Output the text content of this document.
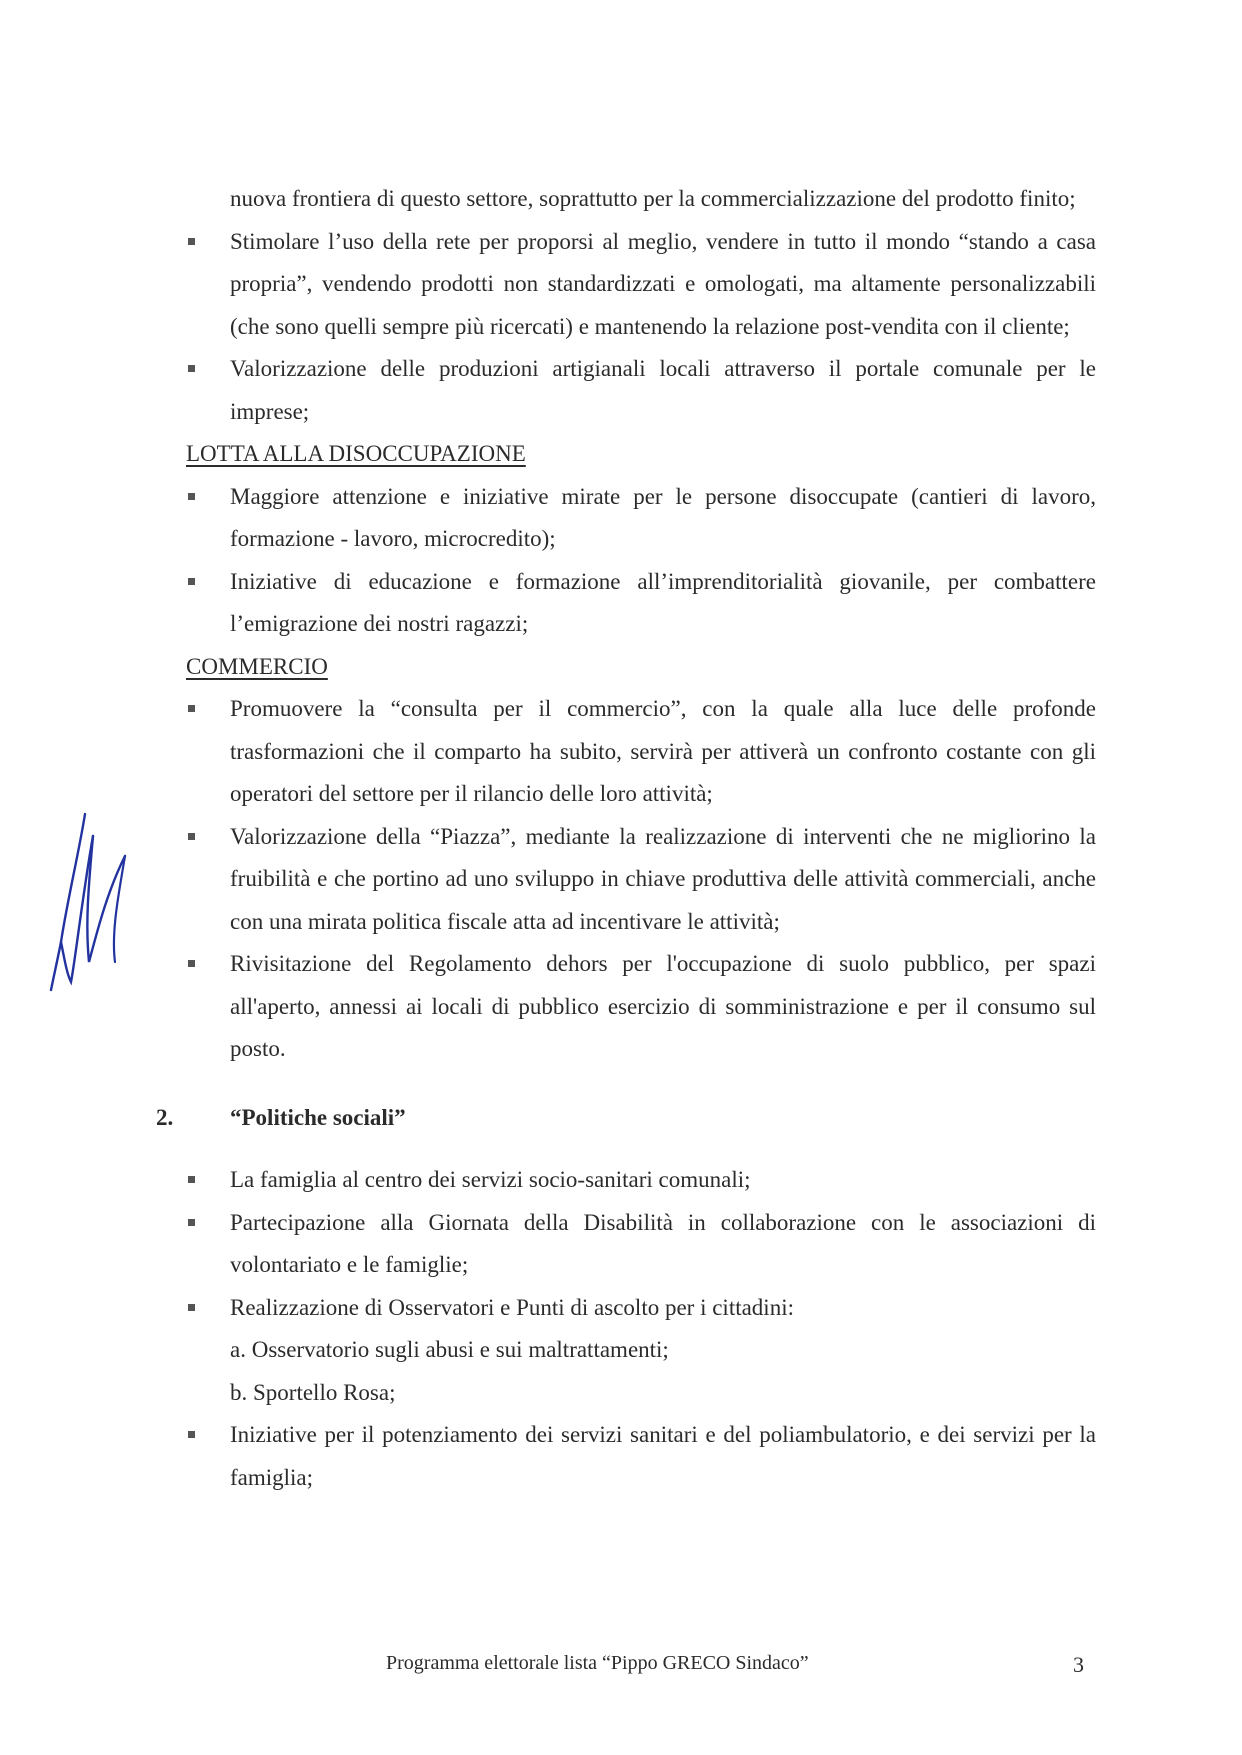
nuova frontiera di questo settore, soprattutto per la commercializzazione del prodotto finito;

Stimolare l’uso della rete per proporsi al meglio, vendere in tutto il mondo “stando a casa propria”, vendendo prodotti non standardizzati e omologati, ma altamente personalizzabili (che sono quelli sempre più ricercati) e mantenendo la relazione post-vendita con il cliente;
Valorizzazione delle produzioni artigianali locali attraverso il portale comunale per le imprese;
LOTTA ALLA DISOCCUPAZIONE
Maggiore attenzione e iniziative mirate per le persone disoccupate (cantieri di lavoro, formazione - lavoro, microcredito);
Iniziative di educazione e formazione all’imprenditorialità giovanile, per combattere l’emigrazione dei nostri ragazzi;
COMMERCIO
Promuovere la “consulta per il commercio”, con la quale alla luce delle profonde trasformazioni che il comparto ha subito, servirà per attiverà un confronto costante con gli operatori del settore per il rilancio delle loro attività;
Valorizzazione della “Piazza”, mediante la realizzazione di interventi che ne migliorino la fruibilità e che portino ad uno sviluppo in chiave produttiva delle attività commerciali, anche con una mirata politica fiscale atta ad incentivare le attività;
Rivisitazione del Regolamento dehors per l'occupazione di suolo pubblico, per spazi all'aperto, annessi ai locali di pubblico esercizio di somministrazione e per il consumo sul posto.
2. “Politiche sociali”
La famiglia al centro dei servizi socio-sanitari comunali;
Partecipazione alla Giornata della Disabilità in collaborazione con le associazioni di volontariato e le famiglie;
Realizzazione di Osservatori e Punti di ascolto per i cittadini:
a. Osservatorio sugli abusi e sui maltrattamenti;
b. Sportello Rosa;
Iniziative per il potenziamento dei servizi sanitari e del poliambulatorio, e dei servizi per la famiglia;
Programma elettorale lista “Pippo GRECO Sindaco”	3
